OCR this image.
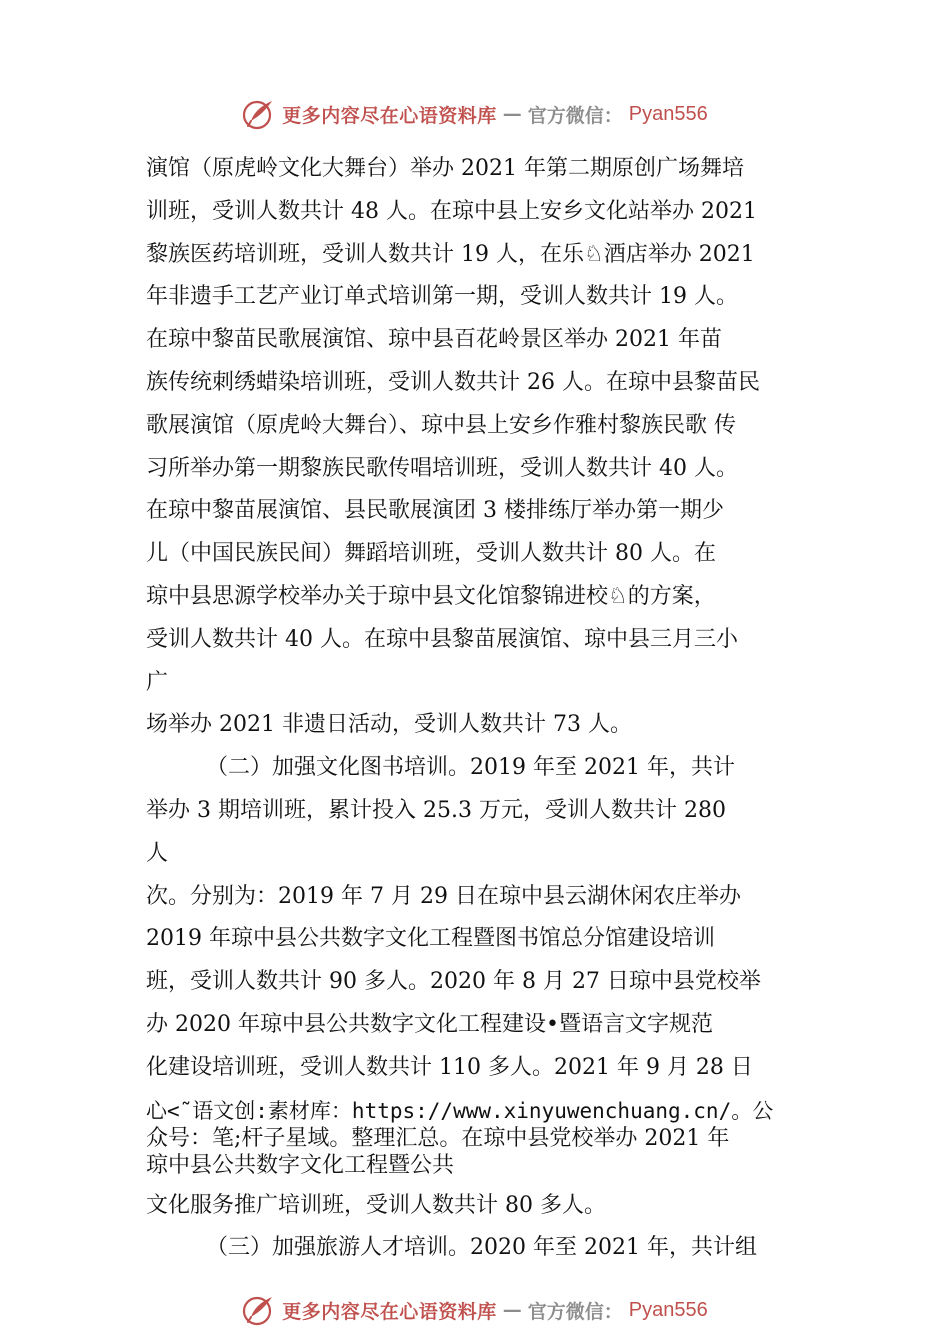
更多内容尽在心语资料库 — 官方微信： Pyan556

演馆（原虎岭文化大舞台）举办 2021 年第二期原创广场舞培

训班，受训人数共计 48 人。在琼中县上安乡文化站举办 2021

黎族医药培训班，受训人数共计 19 人，在乐♘酒店举办 2021

年非遗手工艺产业订单式培训第一期，受训人数共计 19 人。

在琼中黎苗民歌展演馆、琼中县百花岭景区举办 2021 年苗

族传统刺绣蜡染培训班，受训人数共计 26 人。在琼中县黎苗民

歌展演馆（原虎岭大舞台）、琼中县上安乡作雅村黎族民歌 传

习所举办第一期黎族民歌传唱培训班，受训人数共计 40 人。

在琼中黎苗展演馆、县民歌展演团 3 楼排练厅举办第一期少

儿（中国民族民间）舞蹈培训班，受训人数共计 80 人。在

琼中县思源学校举办关于琼中县文化馆黎锦进校♘的方案，

受训人数共计 40 人。在琼中县黎苗展演馆、琼中县三月三小

广

场举办 2021 非遗日活动，受训人数共计 73 人。

（二）加强文化图书培训。2019 年至 2021 年，共计

举办 3 期培训班，累计投入 25.3 万元，受训人数共计 280

人

次。分别为：2019 年 7 月 29 日在琼中县云湖休闲农庄举办

2019 年琼中县公共数字文化工程暨图书馆总分馆建设培训

班，受训人数共计 90 多人。2020 年 8 月 27 日琼中县党校举

办 2020 年琼中县公共数字文化工程建设•暨语言文字规范

化建设培训班，受训人数共计 110 多人。2021 年 9 月 28 日

心<˜语文创:素材库：https://www.xinyuwenchuang.cn/。公

众号：笔;杆子星域。整理汇总。在琼中县党校举办 2021 年

琼中县公共数字文化工程暨公共

文化服务推广培训班，受训人数共计 80 多人。

（三）加强旅游人才培训。2020 年至 2021 年，共计组

更多内容尽在心语资料库 — 官方微信： Pyan556
